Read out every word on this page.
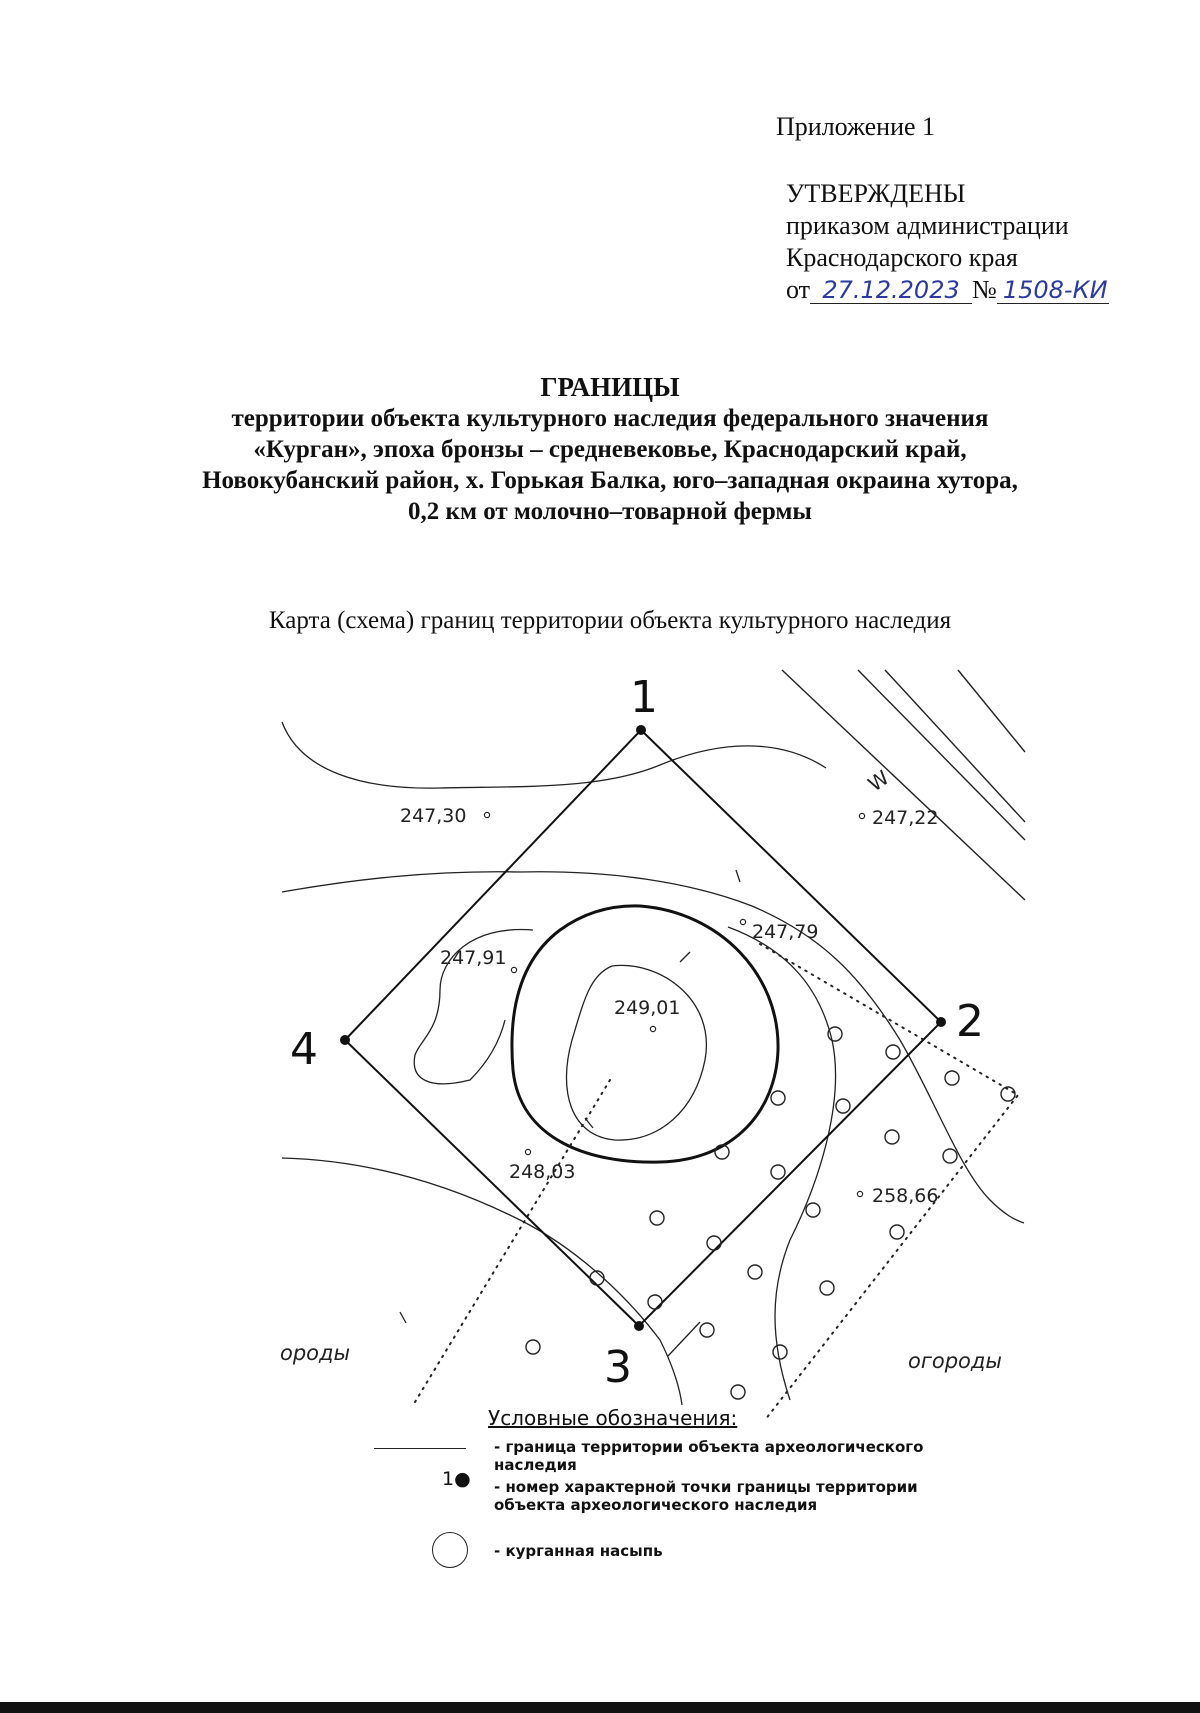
Приложение 1
УТВЕРЖДЕНЫ
приказом администрации
Краснодарского края
от 27.12.2023 № 1508-КИ
ГРАНИЦЫ
территории объекта культурного наследия федерального значения
«Курган», эпоха бронзы – средневековье, Краснодарский край,
Новокубанский район, х. Горькая Балка, юго–западная окраина хутора,
0,2 км от молочно–товарной фермы
Карта (схема) границ территории объекта культурного наследия
1
2
3
4
247,30	247,22
247,79
247,91
249,01
248,03
258,66
W
ороды	огороды
Условные обозначения:
- граница территории объекта археологического наследия
1● - номер характерной точки границы территории объекта археологического наследия
- курганная насыпь
